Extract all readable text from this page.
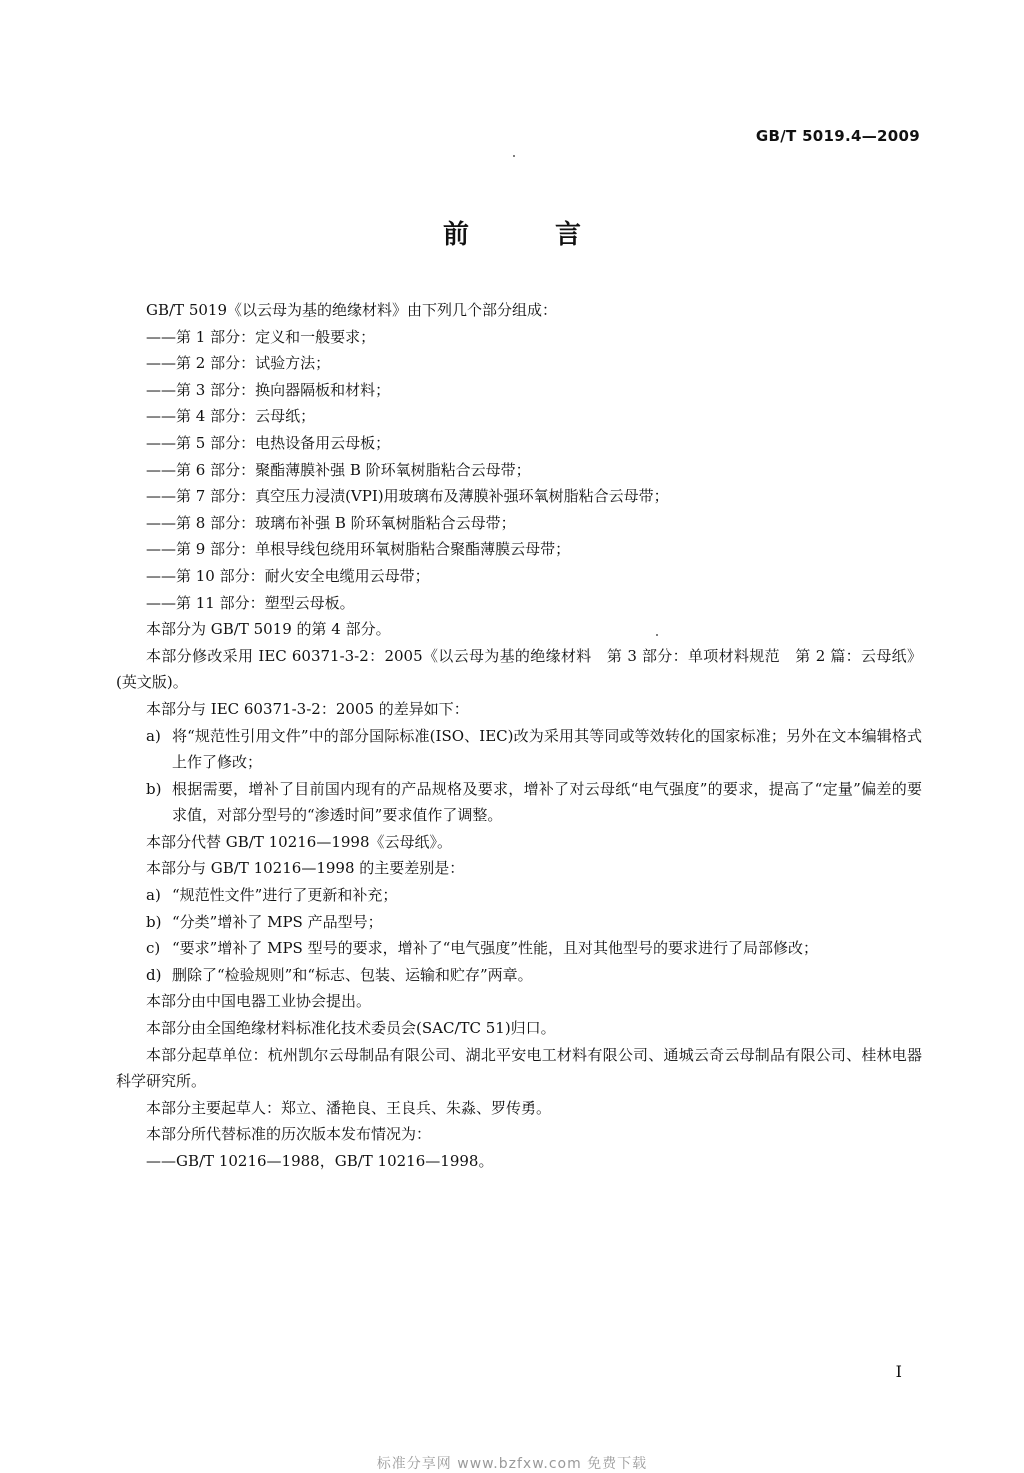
GB/T 5019.4—2009
前　言

GB/T 5019《以云母为基的绝缘材料》由下列几个部分组成：

——第 1 部分：定义和一般要求；

——第 2 部分：试验方法；

——第 3 部分：换向器隔板和材料；

——第 4 部分：云母纸；

——第 5 部分：电热设备用云母板；

——第 6 部分：聚酯薄膜补强 B 阶环氧树脂粘合云母带；

——第 7 部分：真空压力浸渍(VPI)用玻璃布及薄膜补强环氧树脂粘合云母带；

——第 8 部分：玻璃布补强 B 阶环氧树脂粘合云母带；

——第 9 部分：单根导线包绕用环氧树脂粘合聚酯薄膜云母带；

——第 10 部分：耐火安全电缆用云母带；

——第 11 部分：塑型云母板。

本部分为 GB/T 5019 的第 4 部分。

本部分修改采用 IEC 60371-3-2：2005《以云母为基的绝缘材料　第 3 部分：单项材料规范　第 2 篇：云母纸》(英文版)。

本部分与 IEC 60371-3-2：2005 的差异如下：

a) 将“规范性引用文件”中的部分国际标准(ISO、IEC)改为采用其等同或等效转化的国家标准；另外在文本编辑格式上作了修改；
b) 根据需要，增补了目前国内现有的产品规格及要求，增补了对云母纸“电气强度”的要求，提高了“定量”偏差的要求值，对部分型号的“渗透时间”要求值作了调整。

本部分代替 GB/T 10216—1998《云母纸》。

本部分与 GB/T 10216—1998 的主要差别是：

a) “规范性文件”进行了更新和补充；
b) “分类”增补了 MPS 产品型号；
c) “要求”增补了 MPS 型号的要求，增补了“电气强度”性能，且对其他型号的要求进行了局部修改；
d) 删除了“检验规则”和“标志、包装、运输和贮存”两章。

本部分由中国电器工业协会提出。

本部分由全国绝缘材料标准化技术委员会(SAC/TC 51)归口。

本部分起草单位：杭州凯尔云母制品有限公司、湖北平安电工材料有限公司、通城云奇云母制品有限公司、桂林电器科学研究所。

本部分主要起草人：郑立、潘艳良、王良兵、朱淼、罗传勇。

本部分所代替标准的历次版本发布情况为：

——GB/T 10216—1988，GB/T 10216—1998。

I
标准分享网 www.bzfxw.com 免费下载
